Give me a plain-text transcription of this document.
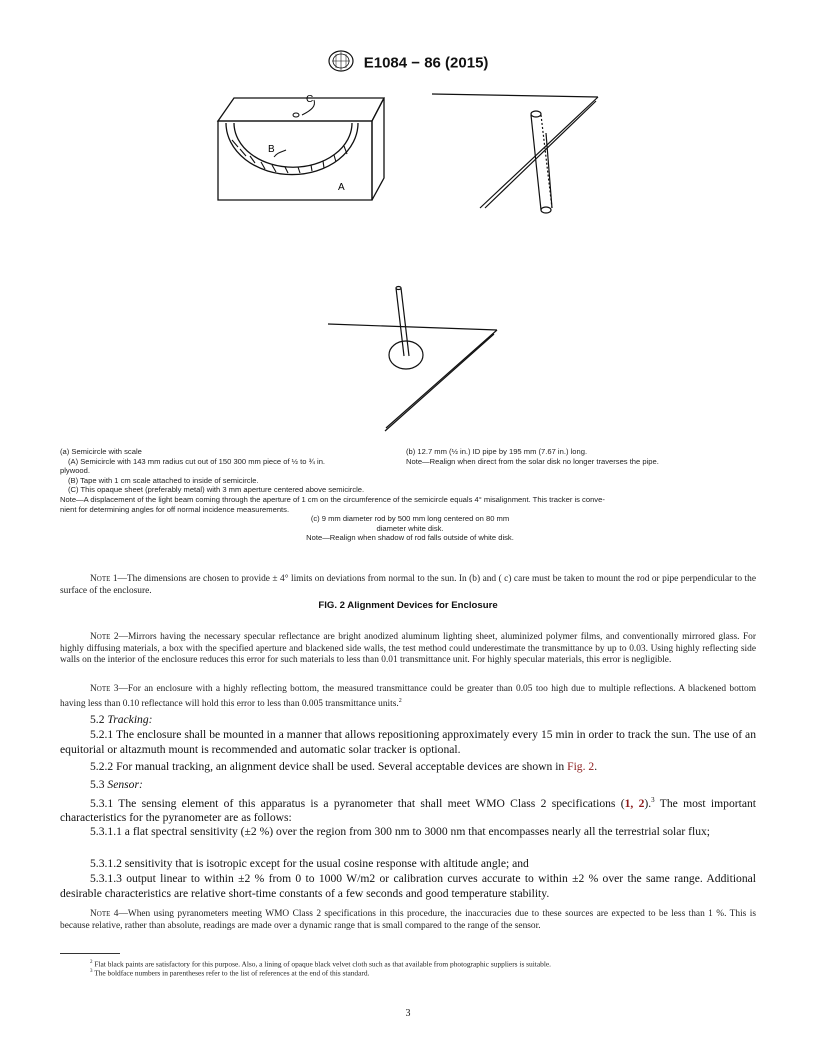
E1084 − 86 (2015)
C
B
A

(a) Semicircle with scale

(A) Semicircle with 143 mm radius cut out of 150 300 mm piece of ½ to ¾ in.

(b) 12.7 mm (½ in.) ID pipe by 195 mm (7.67 in.) long.

Note—Realign when direct from the solar disk no longer traverses the pipe.

plywood.

(B) Tape with 1 cm scale attached to inside of semicircle.

(C) This opaque sheet (preferably metal) with 3 mm aperture centered above semicircle.

Note—A displacement of the light beam coming through the aperture of 1 cm on the circumference of the semicircle equals 4° misalignment. This tracker is conve-

nient for determining angles for off normal incidence measurements.

(c) 9 mm diameter rod by 500 mm long centered on 80 mm

diameter white disk.

Note—Realign when shadow of rod falls outside of white disk.

Note 1—The dimensions are chosen to provide ± 4° limits on deviations from normal to the sun. In (b) and ( c) care must be taken to mount the rod or pipe perpendicular to the surface of the enclosure.
FIG. 2 Alignment Devices for Enclosure
Note 2—Mirrors having the necessary specular reflectance are bright anodized aluminum lighting sheet, aluminized polymer films, and conventionally mirrored glass. For highly diffusing materials, a box with the specified aperture and blackened side walls, the test method could underestimate the transmittance by up to 0.03. Using highly reflecting side walls on the interior of the enclosure reduces this error for such materials to less than 0.01 transmittance unit. For highly specular materials, this error is negligible.
Note 3—For an enclosure with a highly reflecting bottom, the measured transmittance could be greater than 0.05 too high due to multiple reflections. A blackened bottom having less than 0.10 reflectance will hold this error to less than 0.005 transmittance units.$^2$
5.2 Tracking:
5.2.1 The enclosure shall be mounted in a manner that allows repositioning approximately every 15 min in order to track the sun. The use of an equitorial or altazmuth mount is recommended and automatic solar tracker is optional.
5.2.2 For manual tracking, an alignment device shall be used. Several acceptable devices are shown in Fig. 2.
5.3 Sensor:
5.3.1 The sensing element of this apparatus is a pyranometer that shall meet WMO Class 2 specifications (1, 2).$^3$ The most important characteristics for the pyranometer are as follows:
5.3.1.1 a flat spectral sensitivity (±2 %) over the region from 300 nm to 3000 nm that encompasses nearly all the terrestrial solar flux;
5.3.1.2 sensitivity that is isotropic except for the usual cosine response with altitude angle; and
5.3.1.3 output linear to within ±2 % from 0 to 1000 W/m2 or calibration curves accurate to within ±2 % over the same range. Additional desirable characteristics are relative short-time constants of a few seconds and good temperature stability.
Note 4—When using pyranometers meeting WMO Class 2 specifications in this procedure, the inaccuracies due to these sources are expected to be less than 1 %. This is because relative, rather than absolute, readings are made over a dynamic range that is small compared to the range of the sensor.
$^2$ Flat black paints are satisfactory for this purpose. Also, a lining of opaque black velvet cloth such as that available from photographic suppliers is suitable.
$^3$ The boldface numbers in parentheses refer to the list of references at the end of this standard.
3
